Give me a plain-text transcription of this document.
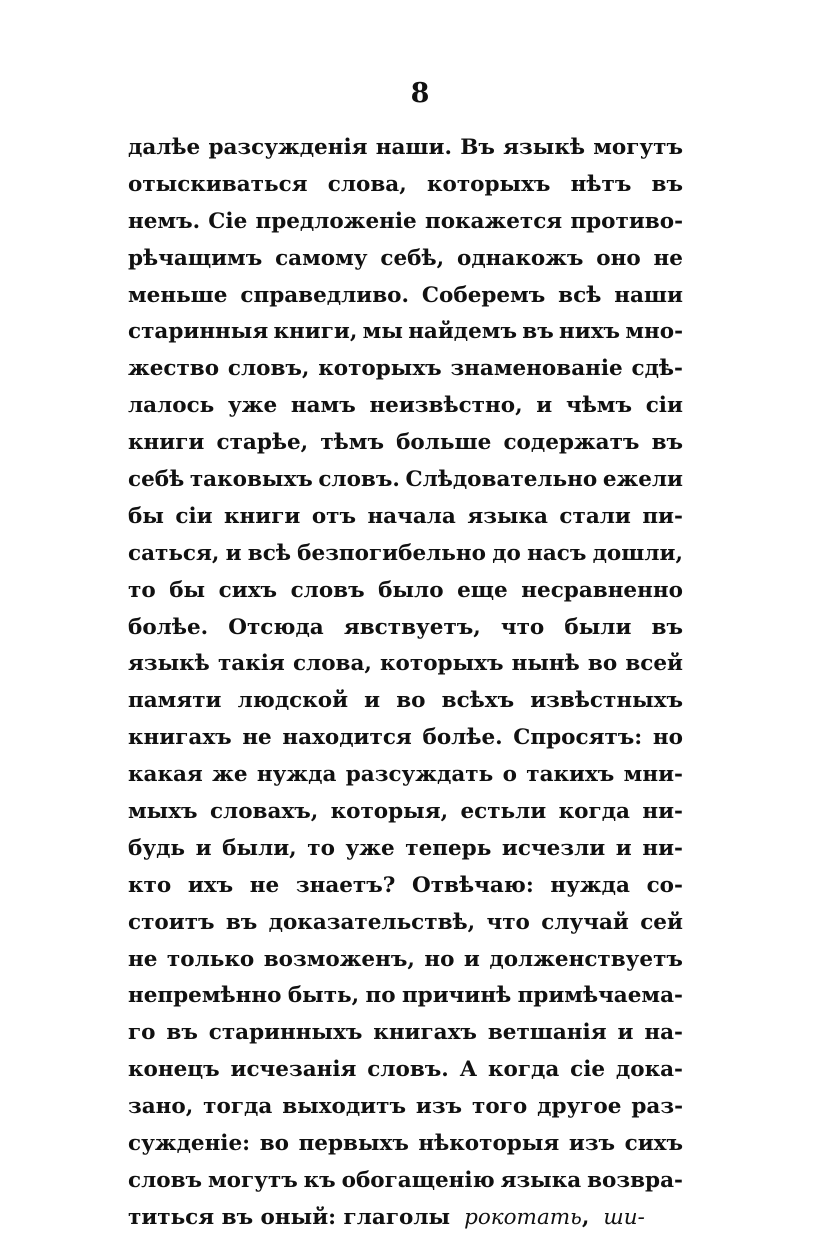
8
далѣе разсужденія наши. Въ языкѣ могутъ
отыскиваться слова, которыхъ нѣтъ въ
немъ. Сіе предложеніе покажется противо-
рѣчащимъ самому себѣ, однакожъ оно не
меньше справедливо. Соберемъ всѣ наши
старинныя книги, мы найдемъ въ нихъ мно-
жество словъ, которыхъ знаменованіе сдѣ-
лалось уже намъ неизвѣстно, и чѣмъ сіи
книги старѣе, тѣмъ больше содержатъ въ
себѣ таковыхъ словъ. Слѣдовательно ежели
бы сіи книги отъ начала языка стали пи-
саться, и всѣ безпогибельно до насъ дошли,
то бы сихъ словъ было еще несравненно
болѣе. Отсюда явствуетъ, что были въ
языкѣ такія слова, которыхъ нынѣ во всей
памяти людской и во всѣхъ извѣстныхъ
книгахъ не находится болѣе. Спросятъ: но
какая же нужда разсуждать о такихъ мни-
мыхъ словахъ, которыя, естьли когда ни-
будь и были, то уже теперь исчезли и ни-
кто ихъ не знаетъ? Отвѣчаю: нужда со-
стоитъ въ доказательствѣ, что случай сей
не только возможенъ, но и долженствуетъ
непремѣнно быть, по причинѣ примѣчаема-
го въ старинныхъ книгахъ ветшанія и на-
конецъ исчезанія словъ. А когда сіе дока-
зано, тогда выходитъ изъ того другое раз-
сужденіе: во первыхъ нѣкоторыя изъ сихъ
словъ могутъ къ обогащенію языка возвра-
титься въ оный: глаголы рокотать , ши-
